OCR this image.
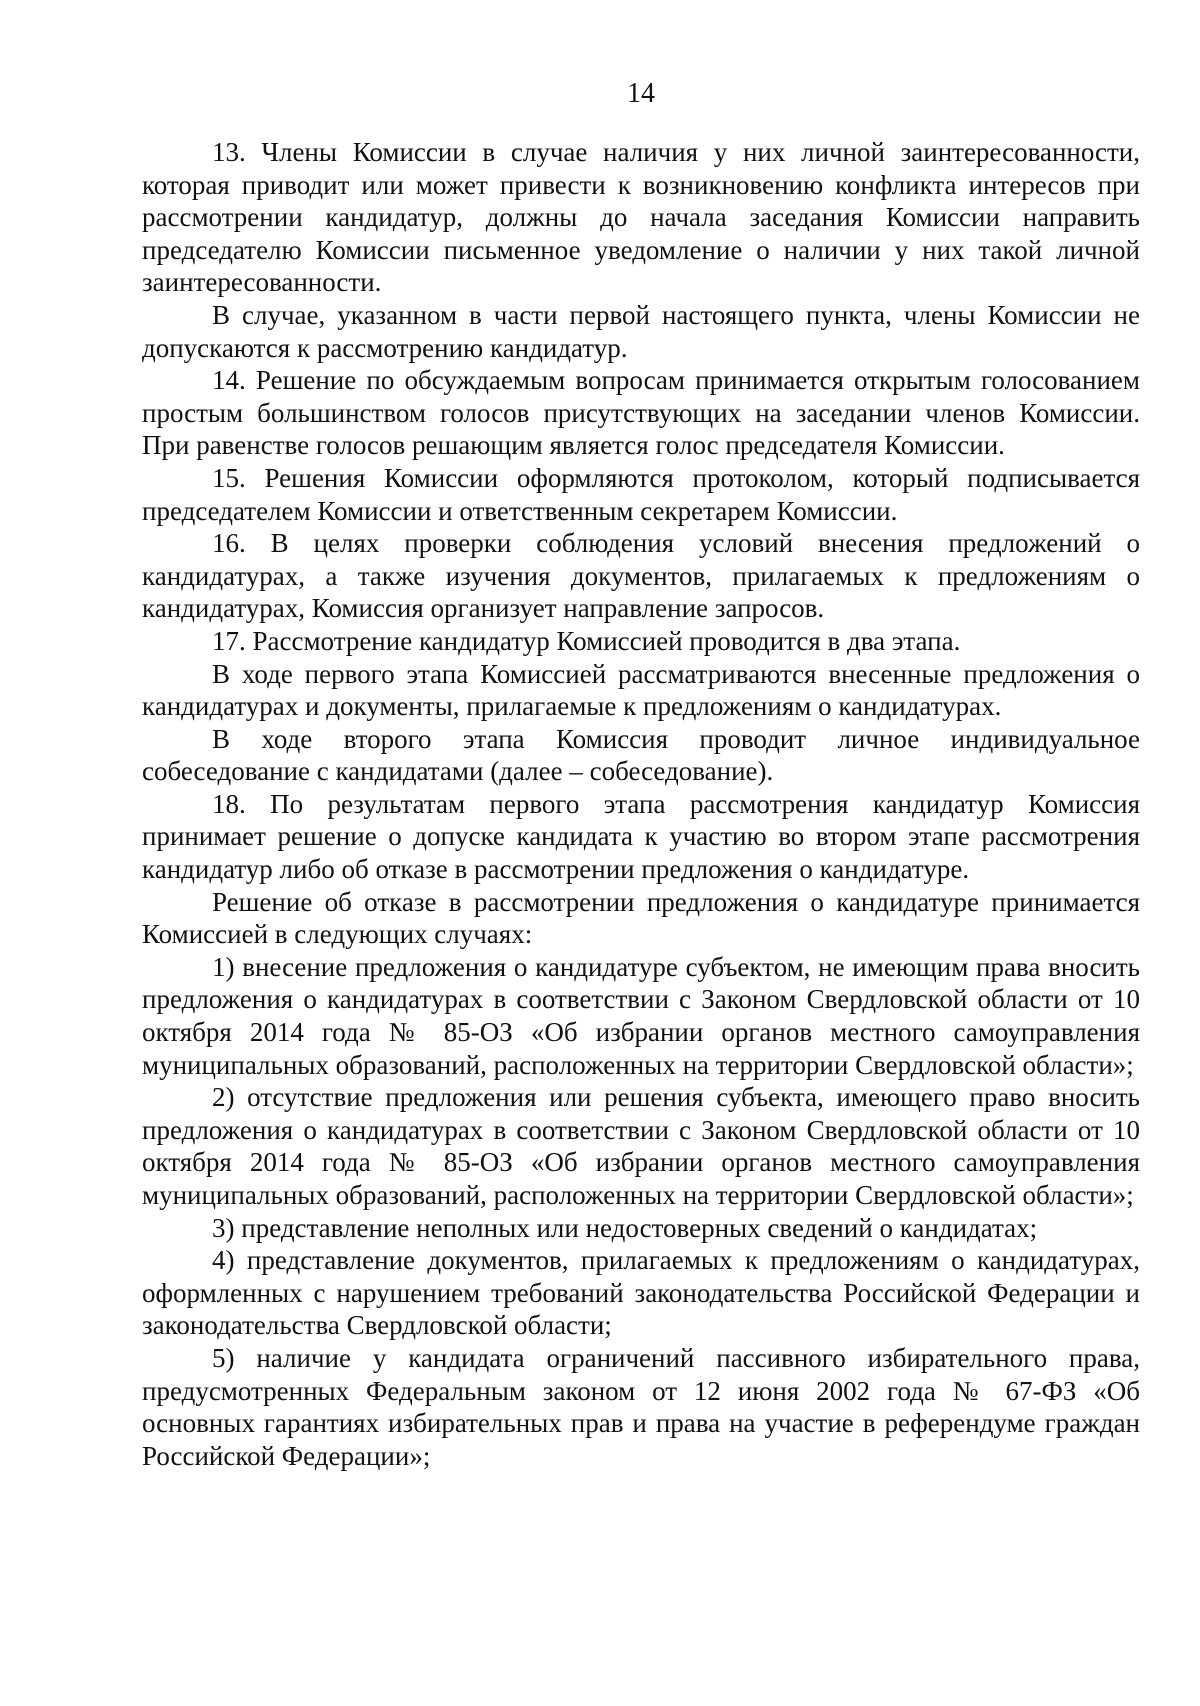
14

13. Члены Комиссии в случае наличия у них личной заинтересованности, которая приводит или может привести к возникновению конфликта интересов при рассмотрении кандидатур, должны до начала заседания Комиссии направить председателю Комиссии письменное уведомление о наличии у них такой личной заинтересованности.

В случае, указанном в части первой настоящего пункта, члены Комиссии не допускаются к рассмотрению кандидатур.

14. Решение по обсуждаемым вопросам принимается открытым голосованием простым большинством голосов присутствующих на заседании членов Комиссии. При равенстве голосов решающим является голос председателя Комиссии.

15. Решения Комиссии оформляются протоколом, который подписывается председателем Комиссии и ответственным секретарем Комиссии.

16. В целях проверки соблюдения условий внесения предложений о кандидатурах, а также изучения документов, прилагаемых к предложениям о кандидатурах, Комиссия организует направление запросов.

17. Рассмотрение кандидатур Комиссией проводится в два этапа.

В ходе первого этапа Комиссией рассматриваются внесенные предложения о кандидатурах и документы, прилагаемые к предложениям о кандидатурах.

В ходе второго этапа Комиссия проводит личное индивидуальное собеседование с кандидатами (далее – собеседование).

18. По результатам первого этапа рассмотрения кандидатур Комиссия принимает решение о допуске кандидата к участию во втором этапе рассмотрения кандидатур либо об отказе в рассмотрении предложения о кандидатуре.

Решение об отказе в рассмотрении предложения о кандидатуре принимается Комиссией в следующих случаях:

1) внесение предложения о кандидатуре субъектом, не имеющим права вносить предложения о кандидатурах в соответствии с Законом Свердловской области от 10 октября 2014 года № 85-ОЗ «Об избрании органов местного самоуправления муниципальных образований, расположенных на территории Свердловской области»;

2) отсутствие предложения или решения субъекта, имеющего право вносить предложения о кандидатурах в соответствии с Законом Свердловской области от 10 октября 2014 года № 85-ОЗ «Об избрании органов местного самоуправления муниципальных образований, расположенных на территории Свердловской области»;

3) представление неполных или недостоверных сведений о кандидатах;

4) представление документов, прилагаемых к предложениям о кандидатурах, оформленных с нарушением требований законодательства Российской Федерации и законодательства Свердловской области;

5) наличие у кандидата ограничений пассивного избирательного права, предусмотренных Федеральным законом от 12 июня 2002 года № 67-ФЗ «Об основных гарантиях избирательных прав и права на участие в референдуме граждан Российской Федерации»;
